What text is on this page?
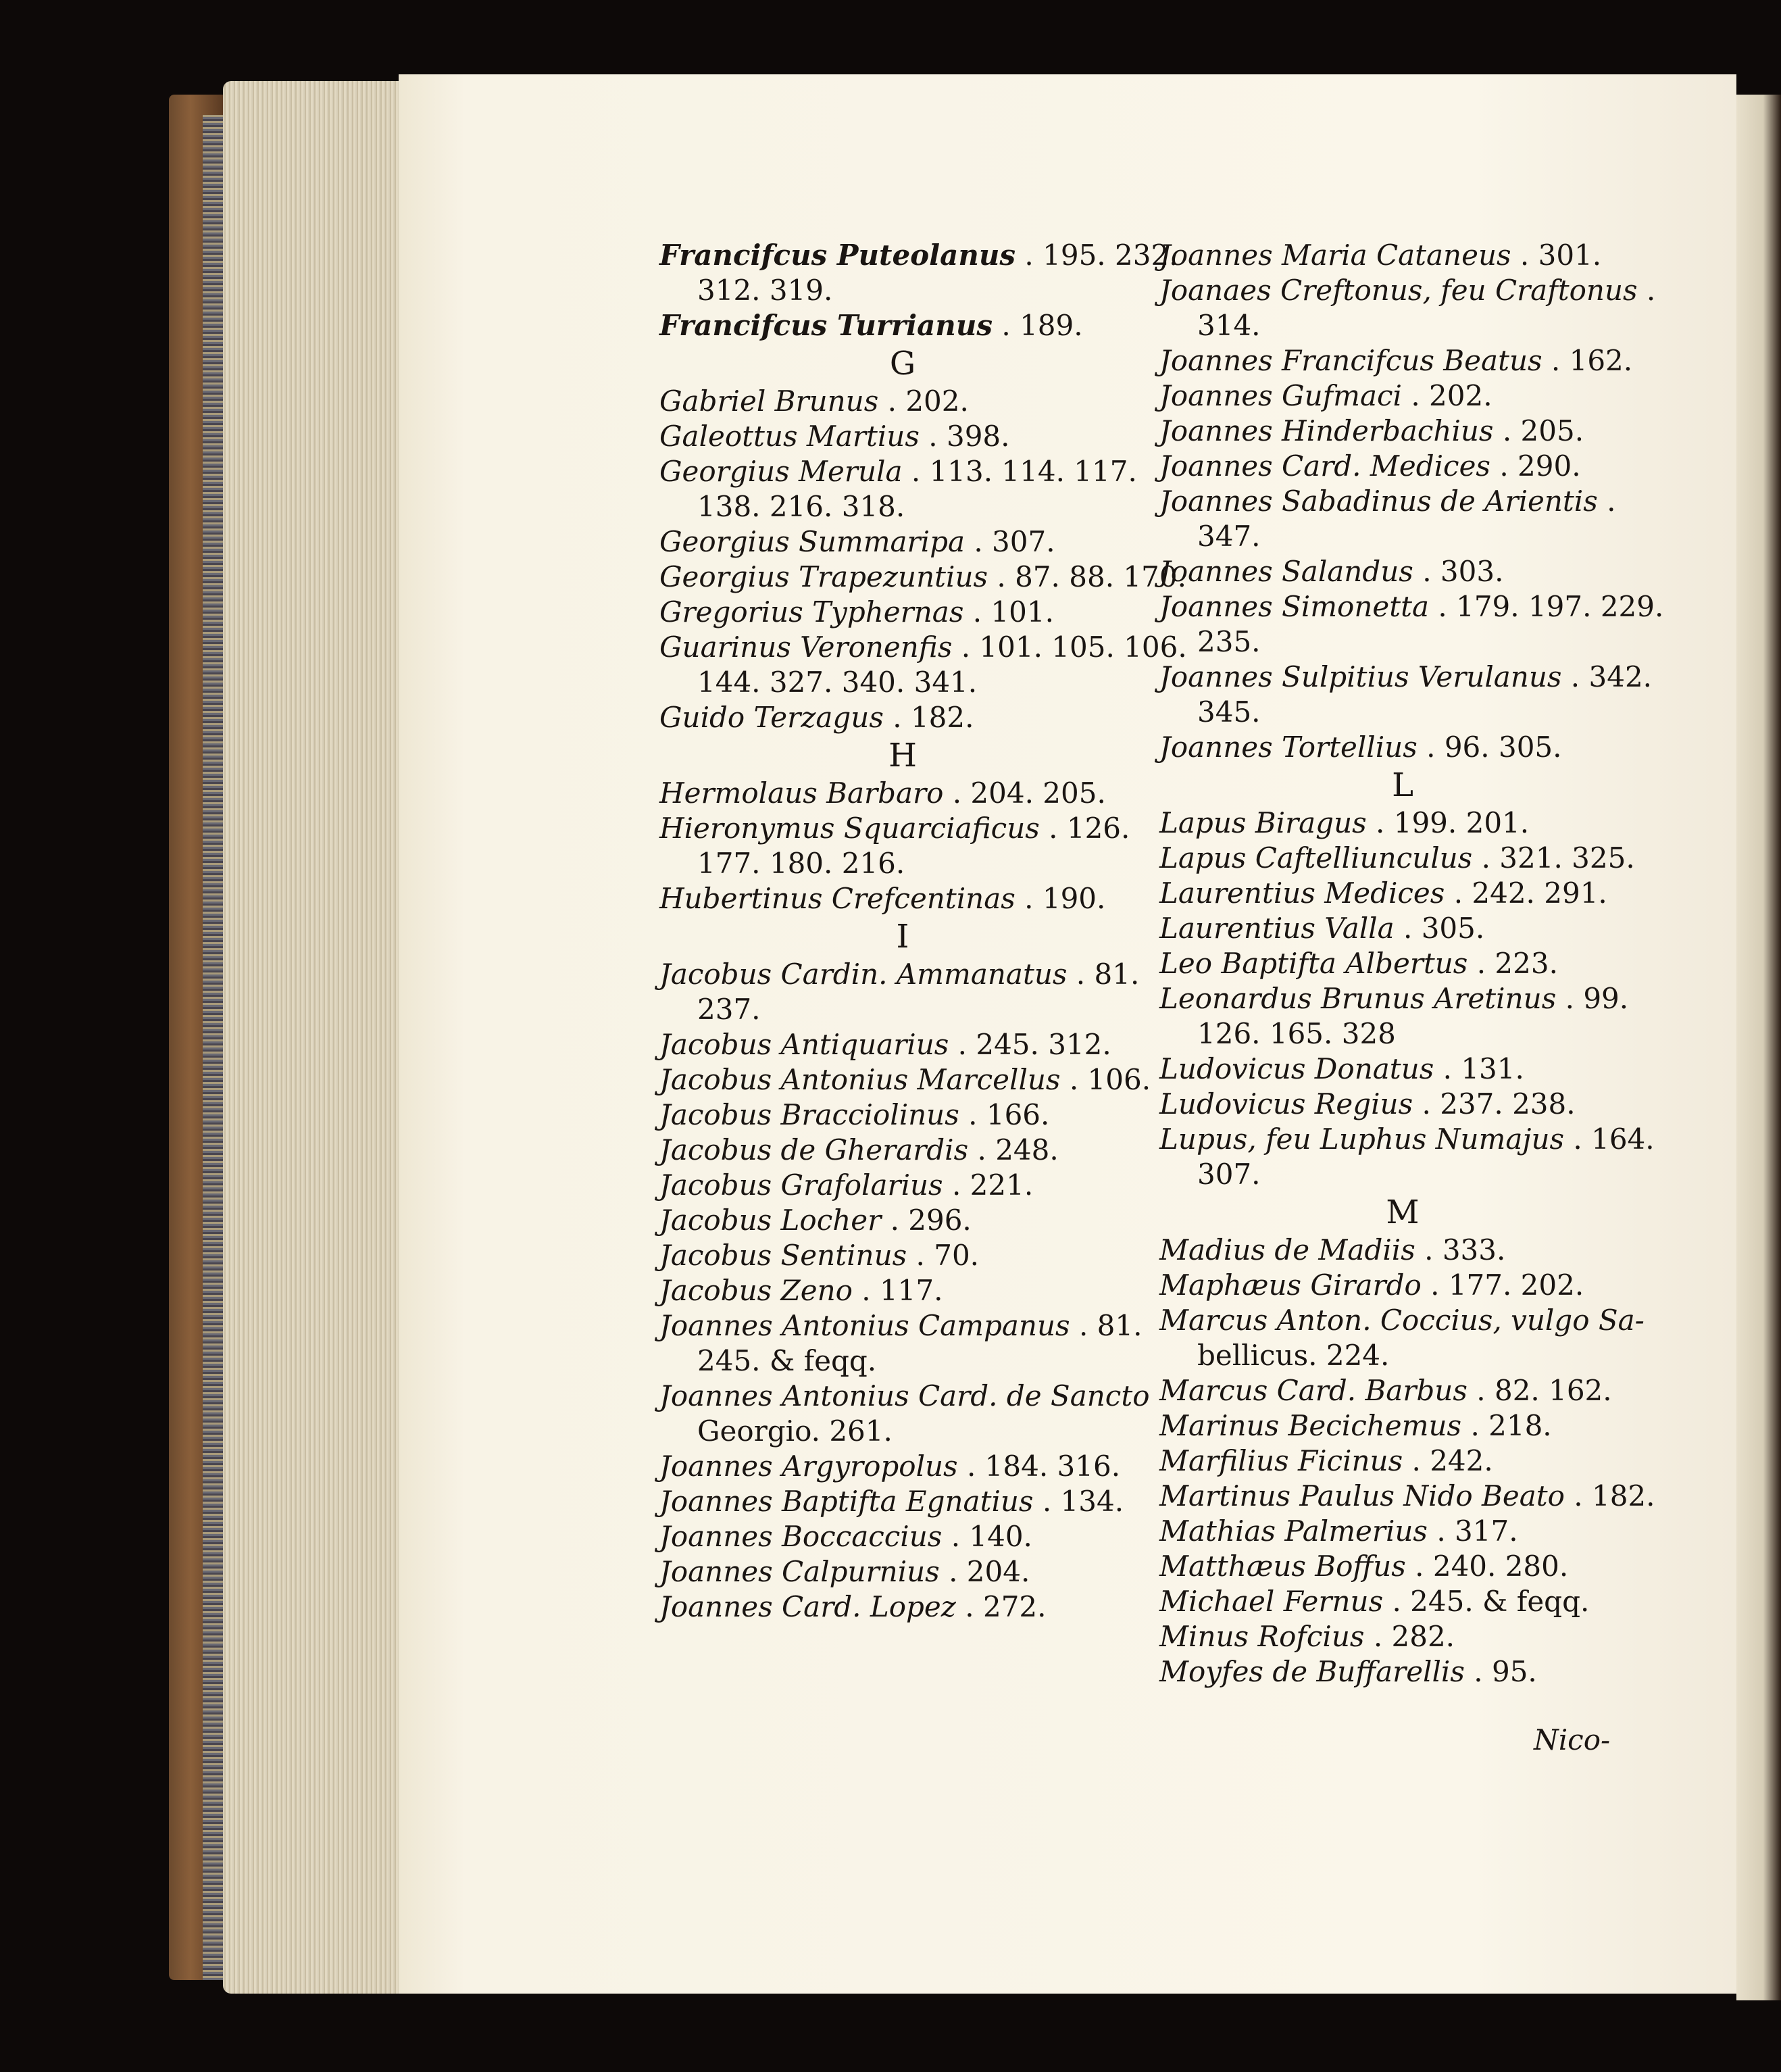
Francifcus Puteolanus . 195. 232.
312. 319.
Francifcus Turrianus . 189.
G
Gabriel Brunus . 202.
Galeottus Martius . 398.
Georgius Merula . 113. 114. 117.
138. 216. 318.
Georgius Summaripa . 307.
Georgius Trapezuntius . 87. 88. 170.
Gregorius Typhernas . 101.
Guarinus Veronenfis . 101. 105. 106.
144. 327. 340. 341.
Guido Terzagus . 182.
H
Hermolaus Barbaro . 204. 205.
Hieronymus Squarciaficus . 126.
177. 180. 216.
Hubertinus Crefcentinas . 190.
I
Jacobus Cardin. Ammanatus . 81.
237.
Jacobus Antiquarius . 245. 312.
Jacobus Antonius Marcellus . 106.
Jacobus Bracciolinus . 166.
Jacobus de Gherardis . 248.
Jacobus Grafolarius . 221.
Jacobus Locher . 296.
Jacobus Sentinus . 70.
Jacobus Zeno . 117.
Joannes Antonius Campanus . 81.
245. & feqq.
Joannes Antonius Card. de Sancto
Georgio. 261.
Joannes Argyropolus . 184. 316.
Joannes Baptifta Egnatius . 134.
Joannes Boccaccius . 140.
Joannes Calpurnius . 204.
Joannes Card. Lopez . 272.
Joannes Maria Cataneus . 301.
Joanaes Creftonus, feu Craftonus .
314.
Joannes Francifcus Beatus . 162.
Joannes Gufmaci . 202.
Joannes Hinderbachius . 205.
Joannes Card. Medices . 290.
Joannes Sabadinus de Arientis .
347.
Joannes Salandus . 303.
Joannes Simonetta . 179. 197. 229.
235.
Joannes Sulpitius Verulanus . 342.
345.
Joannes Tortellius . 96. 305.
L
Lapus Biragus . 199. 201.
Lapus Caftelliunculus . 321. 325.
Laurentius Medices . 242. 291.
Laurentius Valla . 305.
Leo Baptifta Albertus . 223.
Leonardus Brunus Aretinus . 99.
126. 165. 328
Ludovicus Donatus . 131.
Ludovicus Regius . 237. 238.
Lupus, feu Luphus Numajus . 164.
307.
M
Madius de Madiis . 333.
Maphæus Girardo . 177. 202.
Marcus Anton. Coccius, vulgo Sa-
bellicus. 224.
Marcus Card. Barbus . 82. 162.
Marinus Becichemus . 218.
Marfilius Ficinus . 242.
Martinus Paulus Nido Beato . 182.
Mathias Palmerius . 317.
Matthæus Boffus . 240. 280.
Michael Fernus . 245. & feqq.
Minus Rofcius . 282.
Moyfes de Buffarellis . 95.
Nico-
